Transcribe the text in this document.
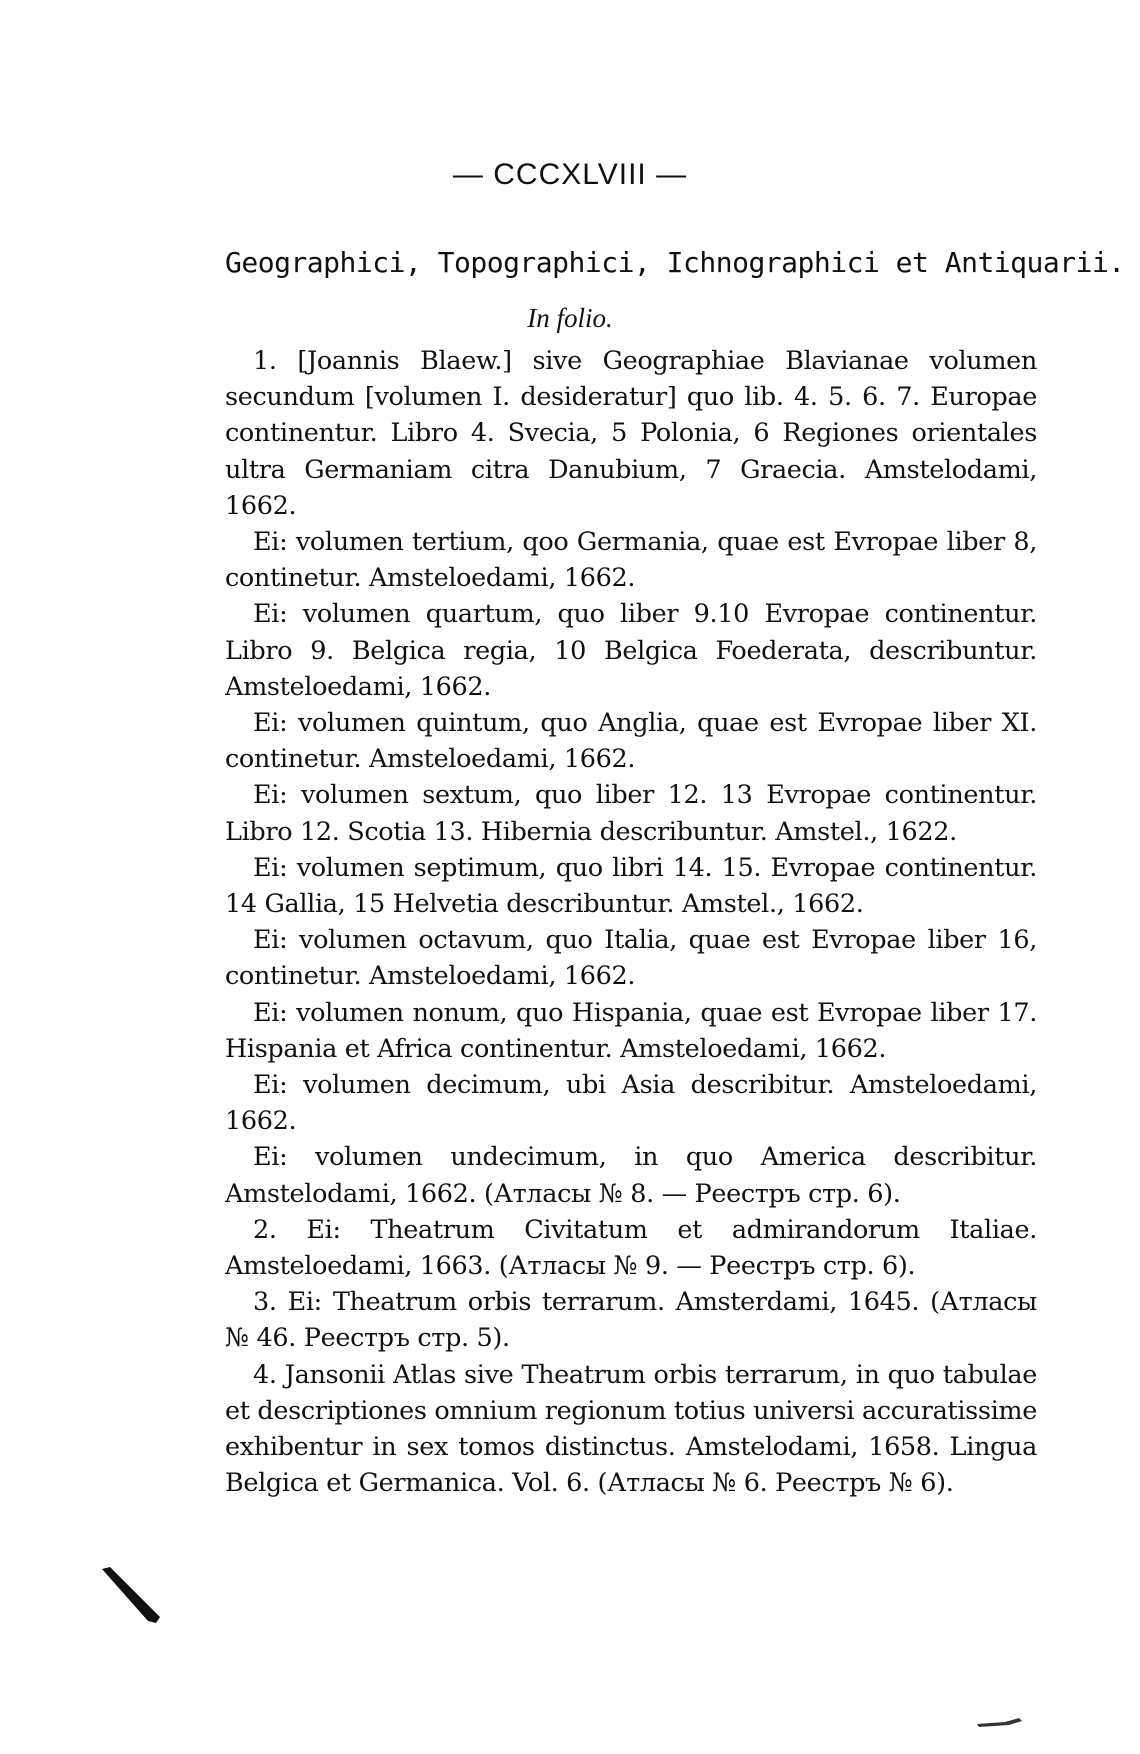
— CCCXLVIII —
Geographici, Topographici, Ichnographici et Antiquarii.
In folio.

1. [Joannis Blaew.] sive Geographiae Blavianae volumen secundum [volumen I. desideratur] quo lib. 4. 5. 6. 7. Europae continentur. Libro 4. Svecia, 5 Polonia, 6 Regiones orientales ultra Germaniam citra Danubium, 7 Graecia. Amstelodami, 1662.

Ei: volumen tertium, qoo Germania, quae est Evropae liber 8, continetur. Amsteloedami, 1662.

Ei: volumen quartum, quo liber 9.10 Evropae continentur. Libro 9. Belgica regia, 10 Belgica Foederata, describuntur. Amsteloedami, 1662.

Ei: volumen quintum, quo Anglia, quae est Evropae liber XI. continetur. Amsteloedami, 1662.

Ei: volumen sextum, quo liber 12. 13 Evropae continentur. Libro 12. Scotia 13. Hibernia describuntur. Amstel., 1622.

Ei: volumen septimum, quo libri 14. 15. Evropae continentur. 14 Gallia, 15 Helvetia describuntur. Amstel., 1662.

Ei: volumen octavum, quo Italia, quae est Evropae liber 16, continetur. Amsteloedami, 1662.

Ei: volumen nonum, quo Hispania, quae est Evropae liber 17. Hispania et Africa continentur. Amsteloedami, 1662.

Ei: volumen decimum, ubi Asia describitur. Amsteloedami, 1662.

Ei: volumen undecimum, in quo America describitur. Amstelodami, 1662. (Атласы № 8. — Реестръ стр. 6).

2. Ei: Theatrum Civitatum et admirandorum Italiae. Amsteloedami, 1663. (Атласы № 9. — Реестръ стр. 6).

3. Ei: Theatrum orbis terrarum. Amsterdami, 1645. (Атласы № 46. Реестръ стр. 5).

4. Jansonii Atlas sive Theatrum orbis terrarum, in quo tabulae et descriptiones omnium regionum totius universi accuratissime exhibentur in sex tomos distinctus. Amstelodami, 1658. Lingua Belgica et Germanica. Vol. 6. (Атласы № 6. Реестръ № 6).
